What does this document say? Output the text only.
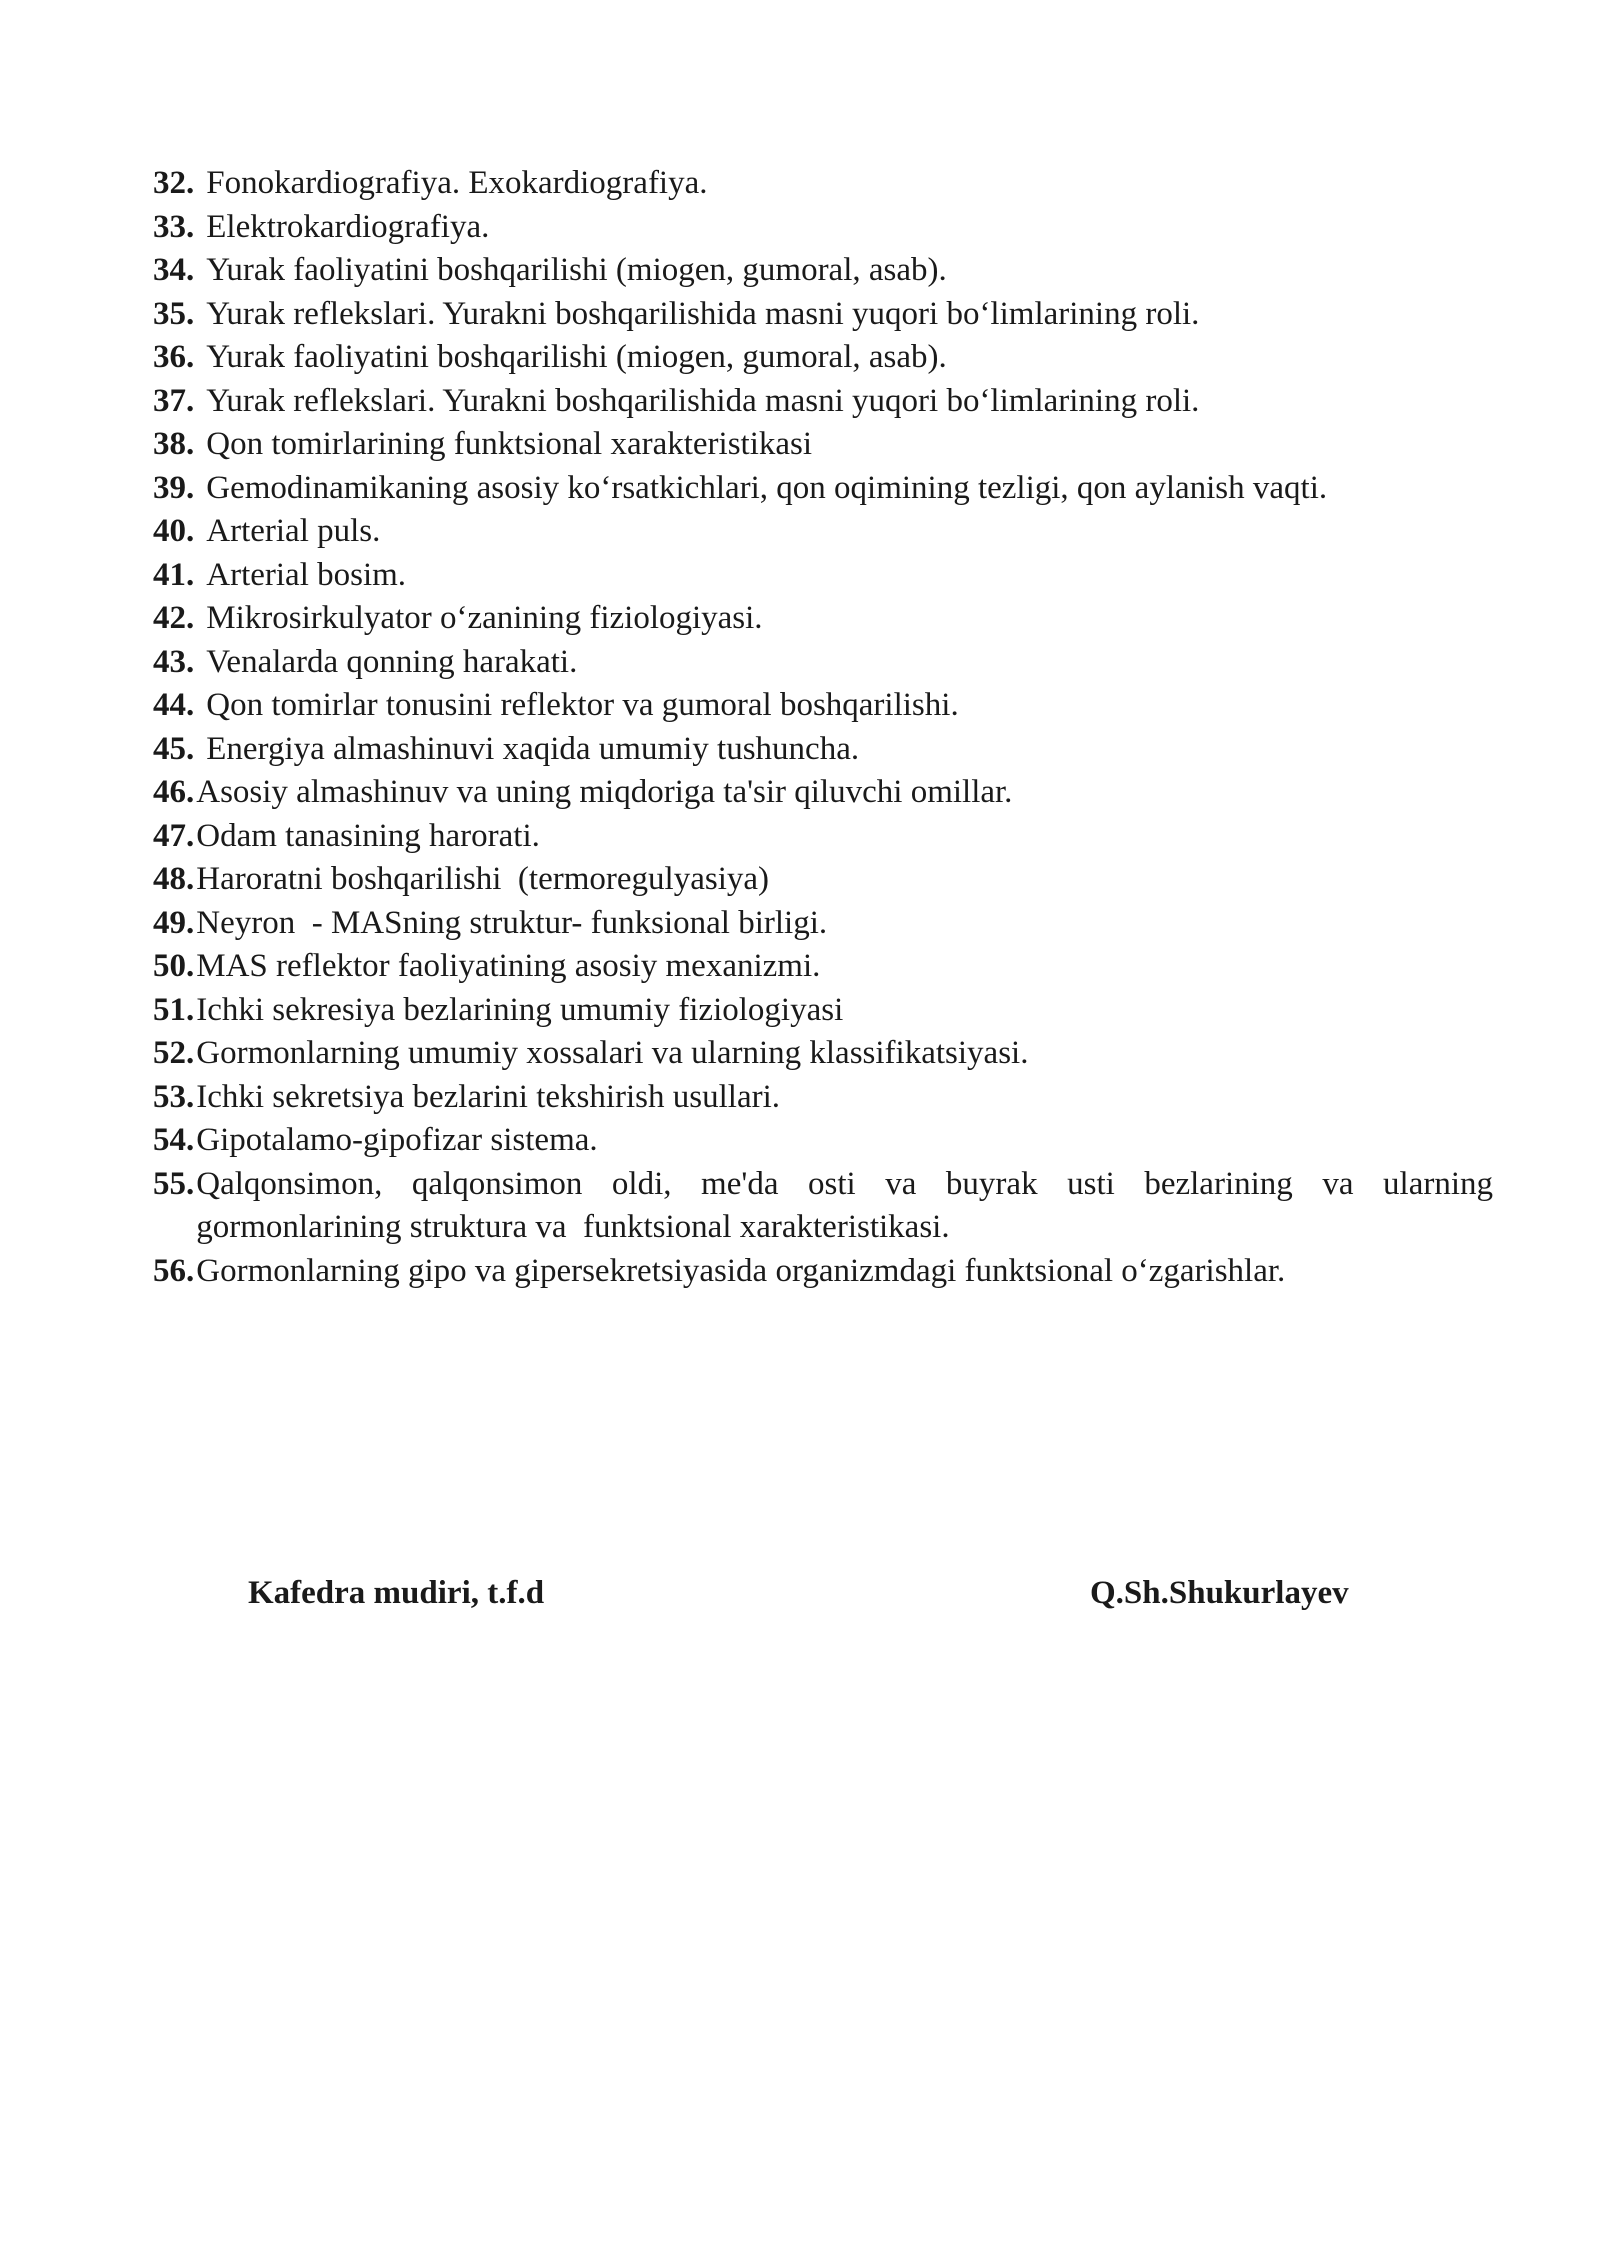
32. Fonokardiografiya. Exokardiografiya.
33. Elektrokardiografiya.
34. Yurak faoliyatini boshqarilishi (miogen, gumoral, asab).
35. Yurak reflekslari. Yurakni boshqarilishida masni yuqori bo‘limlarining roli.
36. Yurak faoliyatini boshqarilishi (miogen, gumoral, asab).
37. Yurak reflekslari. Yurakni boshqarilishida masni yuqori bo‘limlarining roli.
38. Qon tomirlarining funktsional xarakteristikasi
39. Gemodinamikaning asosiy ko‘rsatkichlari, qon oqimining tezligi, qon aylanish vaqti.
40. Arterial puls.
41. Arterial bosim.
42. Mikrosirkulyator o‘zanining fiziologiyasi.
43. Venalarda qonning harakati.
44. Qon tomirlar tonusini reflektor va gumoral boshqarilishi.
45. Energiya almashinuvi xaqida umumiy tushuncha.
46. Asosiy almashinuv va uning miqdoriga ta'sir qiluvchi omillar.
47. Odam tanasining harorati.
48. Haroratni boshqarilishi  (termoregulyasiya)
49. Neyron  - MASning struktur- funksional birligi.
50. MAS reflektor faoliyatining asosiy mexanizmi.
51. Ichki sekresiya bezlarining umumiy fiziologiyasi
52. Gormonlarning umumiy xossalari va ularning klassifikatsiyasi.
53. Ichki sekretsiya bezlarini tekshirish usullari.
54. Gipotalamo-gipofizar sistema.
55. Qalqonsimon, qalqonsimon oldi, me'da osti va buyrak usti bezlarining va ularning gormonlarining struktura va  funktsional xarakteristikasi.
56. Gormonlarning gipo va gipersekretsiyasida organizmdagi funktsional o‘zgarishlar.
Kafedra mudiri, t.f.d	Q.Sh.Shukurlayev
